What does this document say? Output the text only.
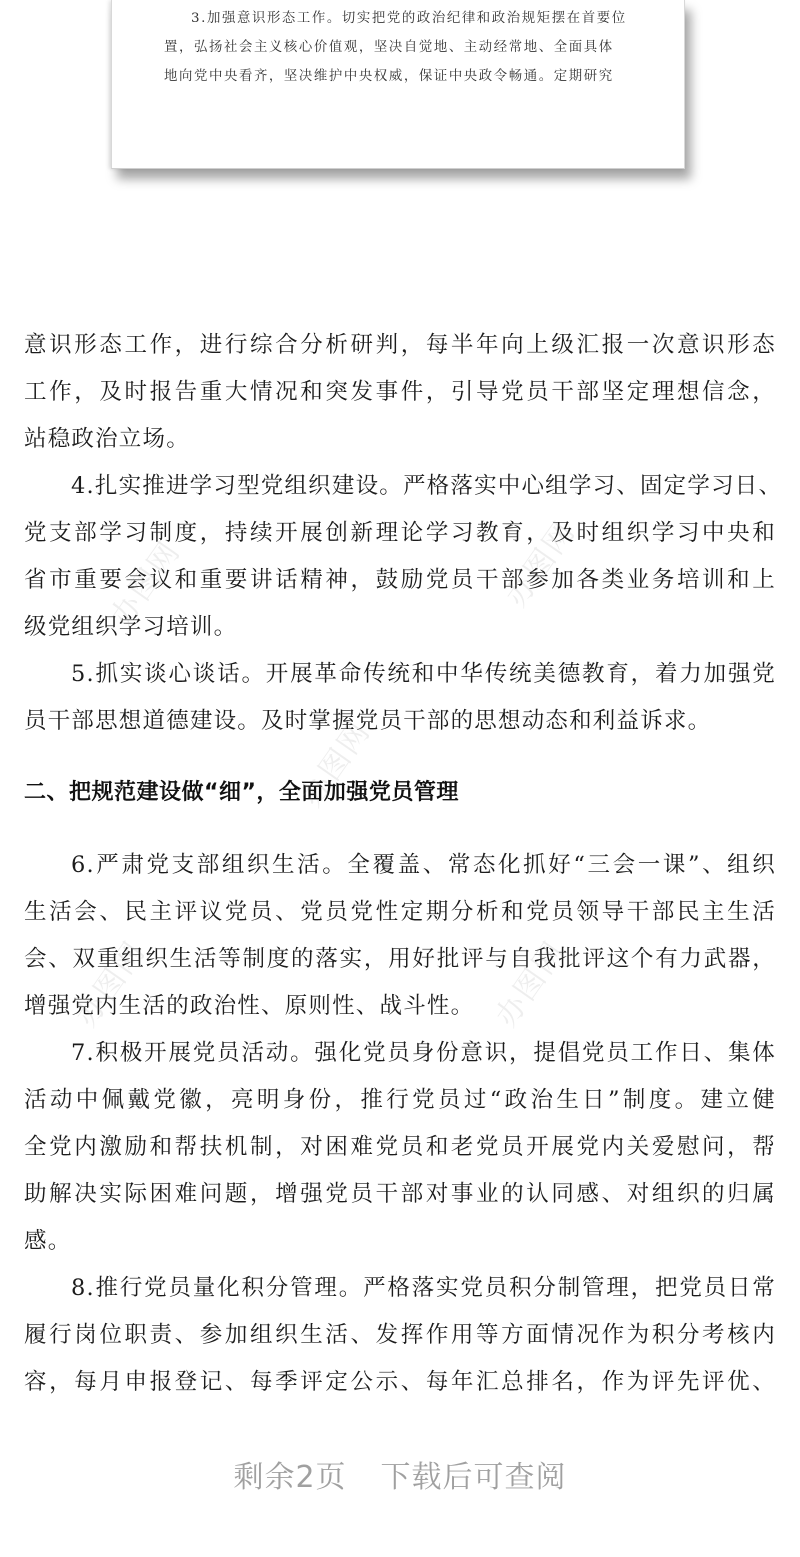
3.加强意识形态工作。切实把党的政治纪律和政治规矩摆在首要位
置，弘扬社会主义核心价值观，坚决自觉地、主动经常地、全面具体
地向党中央看齐，坚决维护中央权威，保证中央政令畅通。定期研究
意识形态工作，进行综合分析研判，每半年向上级汇报一次意识形态
工作，及时报告重大情况和突发事件，引导党员干部坚定理想信念，
站稳政治立场。
4.扎实推进学习型党组织建设。严格落实中心组学习、固定学习日、
党支部学习制度，持续开展创新理论学习教育，及时组织学习中央和
省市重要会议和重要讲话精神，鼓励党员干部参加各类业务培训和上
级党组织学习培训。
5.抓实谈心谈话。开展革命传统和中华传统美德教育，着力加强党
员干部思想道德建设。及时掌握党员干部的思想动态和利益诉求。
二、把规范建设做“细”，全面加强党员管理
6.严肃党支部组织生活。全覆盖、常态化抓好“三会一课”、组织
生活会、民主评议党员、党员党性定期分析和党员领导干部民主生活
会、双重组织生活等制度的落实，用好批评与自我批评这个有力武器，
增强党内生活的政治性、原则性、战斗性。
7.积极开展党员活动。强化党员身份意识，提倡党员工作日、集体
活动中佩戴党徽，亮明身份，推行党员过“政治生日”制度。建立健
全党内激励和帮扶机制，对困难党员和老党员开展党内关爱慰问，帮
助解决实际困难问题，增强党员干部对事业的认同感、对组织的归属
感。
8.推行党员量化积分管理。严格落实党员积分制管理，把党员日常
履行岗位职责、参加组织生活、发挥作用等方面情况作为积分考核内
容，每月申报登记、每季评定公示、每年汇总排名，作为评先评优、
办图网
办图网
办图网
办图网	办图网
剩余2页 下载后可查阅
